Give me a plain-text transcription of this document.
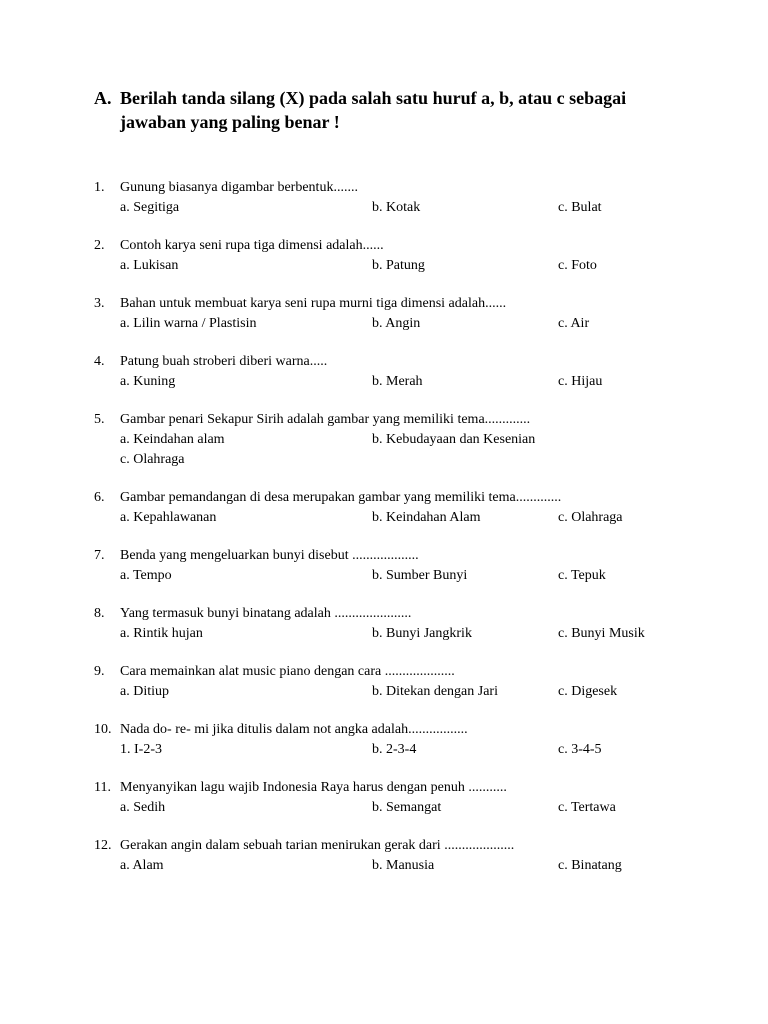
A. Berilah tanda silang (X) pada salah satu huruf a, b, atau c sebagai
jawaban yang paling benar !
1. Gunung biasanya digambar berbentuk.......
a. Segitiga	b. Kotak	c. Bulat
2. Contoh karya seni rupa tiga dimensi adalah......
a. Lukisan	b. Patung	c. Foto
3. Bahan untuk membuat karya seni rupa murni tiga dimensi adalah......
a. Lilin warna / Plastisin	b. Angin	c. Air
4. Patung buah stroberi diberi warna.....
a. Kuning	b. Merah	c. Hijau
5. Gambar penari Sekapur Sirih adalah gambar yang memiliki tema.............
a. Keindahan alam	b. Kebudayaan dan Kesenian
c. Olahraga
6. Gambar pemandangan di desa merupakan gambar yang memiliki tema.............
a. Kepahlawanan	b. Keindahan Alam	c. Olahraga
7. Benda yang mengeluarkan bunyi disebut ...................
a. Tempo	b. Sumber Bunyi	c. Tepuk
8. Yang termasuk bunyi binatang adalah ......................
a. Rintik hujan	b. Bunyi Jangkrik	c. Bunyi Musik
9. Cara memainkan alat music piano dengan cara ....................
a. Ditiup	b. Ditekan dengan Jari	c. Digesek
10. Nada do- re- mi jika ditulis dalam not angka adalah.................
1. I-2-3	b. 2-3-4	c. 3-4-5
11. Menyanyikan lagu wajib Indonesia Raya harus dengan penuh ...........
a. Sedih	b. Semangat	c. Tertawa
12. Gerakan angin dalam sebuah tarian menirukan gerak dari ....................
a. Alam	b. Manusia	c. Binatang
